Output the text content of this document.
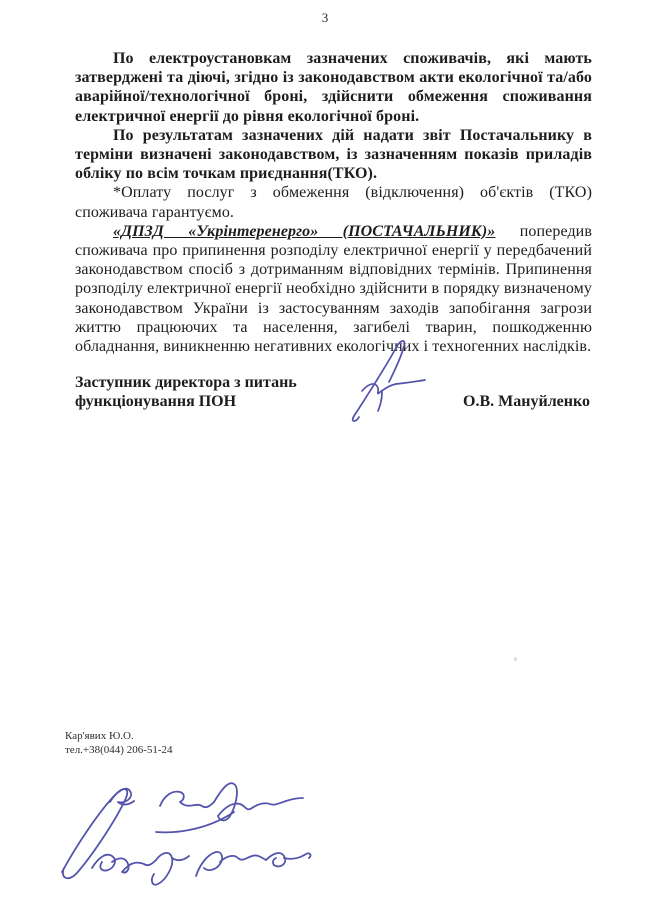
3

По електроустановкам зазначених споживачів, які мають затверджені та діючі, згідно із законодавством акти екологічної та/або аварійної/технологічної броні, здійснити обмеження споживання електричної енергії до рівня екологічної броні.

По результатам зазначених дій надати звіт Постачальнику в терміни визначені законодавством, із зазначенням показів приладів обліку по всім точкам приєднання(ТКО).

*Оплату послуг з обмеження (відключення) об'єктів (ТКО) споживача гарантуємо.

«ДПЗД «Укрінтеренерго» (ПОСТАЧАЛЬНИК)» попередив споживача про припинення розподілу електричної енергії у передбачений законодавством спосіб з дотриманням відповідних термінів. Припинення розподілу електричної енергії необхідно здійснити в порядку визначеному законодавством України із застосуванням заходів запобігання загрози життю працюючих та населення, загибелі тварин, пошкодженню обладнання, виникненню негативних екологічних і техногенних наслідків.

Заступник директора з питань
функціонування ПОН	О.В. Мануйленко
Кар'явих Ю.О.
тел.+38(044) 206-51-24
